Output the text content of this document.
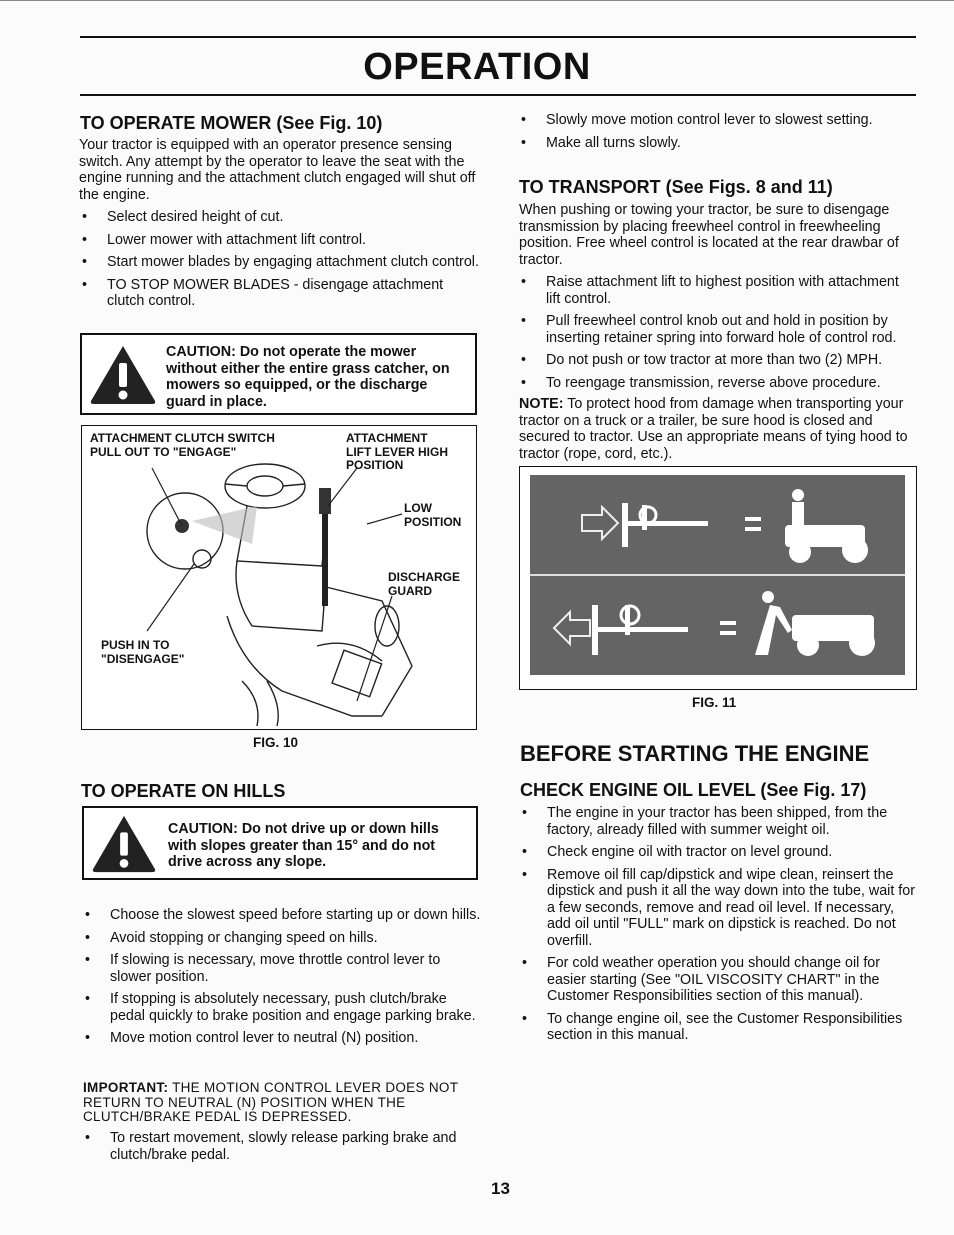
OPERATION
TO OPERATE MOWER (See Fig. 10)

Your tractor is equipped with an operator presence sensing switch. Any attempt by the operator to leave the seat with the engine running and the attachment clutch engaged will shut off the engine.

• Select desired height of cut.
• Lower mower with attachment lift control.
• Start mower blades by engaging attachment clutch control.
• TO STOP MOWER BLADES - disengage attachment clutch control.
CAUTION: Do not operate the mower without either the entire grass catcher, on mowers so equipped, or the discharge guard in place.
ATTACHMENT CLUTCH SWITCH PULL OUT TO "ENGAGE"
ATTACHMENT LIFT LEVER HIGH POSITION
LOW POSITION
DISCHARGE GUARD
PUSH IN TO "DISENGAGE"
FIG. 10
TO OPERATE ON HILLS
CAUTION: Do not drive up or down hills with slopes greater than 15° and do not drive across any slope.
• Choose the slowest speed before starting up or down hills.
• Avoid stopping or changing speed on hills.
• If slowing is necessary, move throttle control lever to slower position.
• If stopping is absolutely necessary, push clutch/brake pedal quickly to brake position and engage parking brake.
• Move motion control lever to neutral (N) position.

IMPORTANT: THE MOTION CONTROL LEVER DOES NOT RETURN TO NEUTRAL (N) POSITION WHEN THE CLUTCH/BRAKE PEDAL IS DEPRESSED.

• To restart movement, slowly release parking brake and clutch/brake pedal.
• Slowly move motion control lever to slowest setting.
• Make all turns slowly.
TO TRANSPORT (See Figs. 8 and 11)

When pushing or towing your tractor, be sure to disengage transmission by placing freewheel control in freewheeling position. Free wheel control is located at the rear drawbar of tractor.

• Raise attachment lift to highest position with attachment lift control.
• Pull freewheel control knob out and hold in position by inserting retainer spring into forward hole of control rod.
• Do not push or tow tractor at more than two (2) MPH.
• To reengage transmission, reverse above procedure.

NOTE: To protect hood from damage when transporting your tractor on a truck or a trailer, be sure hood is closed and secured to tractor. Use an appropriate means of tying hood to tractor (rope, cord, etc.).

FIG. 11
BEFORE STARTING THE ENGINE
CHECK ENGINE OIL LEVEL (See Fig. 17)
• The engine in your tractor has been shipped, from the factory, already filled with summer weight oil.
• Check engine oil with tractor on level ground.
• Remove oil fill cap/dipstick and wipe clean, reinsert the dipstick and push it all the way down into the tube, wait for a few seconds, remove and read oil level. If necessary, add oil until "FULL" mark on dipstick is reached. Do not overfill.
• For cold weather operation you should change oil for easier starting (See "OIL VISCOSITY CHART" in the Customer Responsibilities section of this manual).
• To change engine oil, see the Customer Responsibilities section in this manual.
13
